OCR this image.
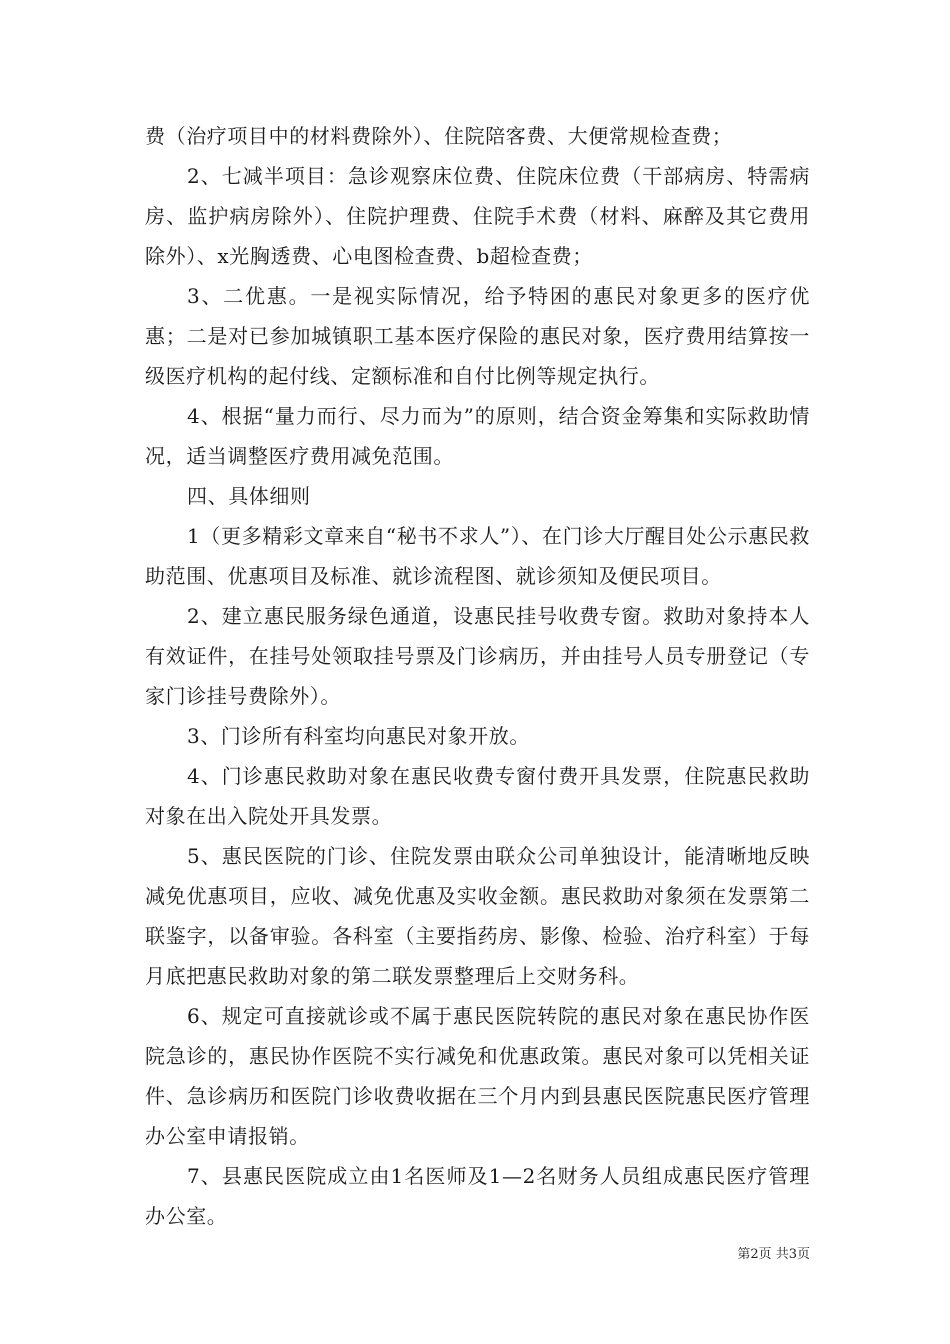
费（治疗项目中的材料费除外）、住院陪客费、大便常规检查费；

2、七减半项目：急诊观察床位费、住院床位费（干部病房、特需病房、监护病房除外）、住院护理费、住院手术费（材料、麻醉及其它费用除外）、x光胸透费、心电图检查费、b超检查费；

3、二优惠。一是视实际情况，给予特困的惠民对象更多的医疗优惠；二是对已参加城镇职工基本医疗保险的惠民对象，医疗费用结算按一级医疗机构的起付线、定额标准和自付比例等规定执行。

4、根据“量力而行、尽力而为”的原则，结合资金筹集和实际救助情况，适当调整医疗费用减免范围。

四、具体细则

1（更多精彩文章来自“秘书不求人”）、在门诊大厅醒目处公示惠民救助范围、优惠项目及标准、就诊流程图、就诊须知及便民项目。

2、建立惠民服务绿色通道，设惠民挂号收费专窗。救助对象持本人有效证件，在挂号处领取挂号票及门诊病历，并由挂号人员专册登记（专家门诊挂号费除外）。

3、门诊所有科室均向惠民对象开放。

4、门诊惠民救助对象在惠民收费专窗付费开具发票，住院惠民救助对象在出入院处开具发票。

5、惠民医院的门诊、住院发票由联众公司单独设计，能清晰地反映减免优惠项目，应收、减免优惠及实收金额。惠民救助对象须在发票第二联鉴字，以备审验。各科室（主要指药房、影像、检验、治疗科室）于每月底把惠民救助对象的第二联发票整理后上交财务科。

6、规定可直接就诊或不属于惠民医院转院的惠民对象在惠民协作医院急诊的，惠民协作医院不实行减免和优惠政策。惠民对象可以凭相关证件、急诊病历和医院门诊收费收据在三个月内到县惠民医院惠民医疗管理办公室申请报销。

7、县惠民医院成立由1名医师及1—2名财务人员组成惠民医疗管理办公室。

第2页 共3页
